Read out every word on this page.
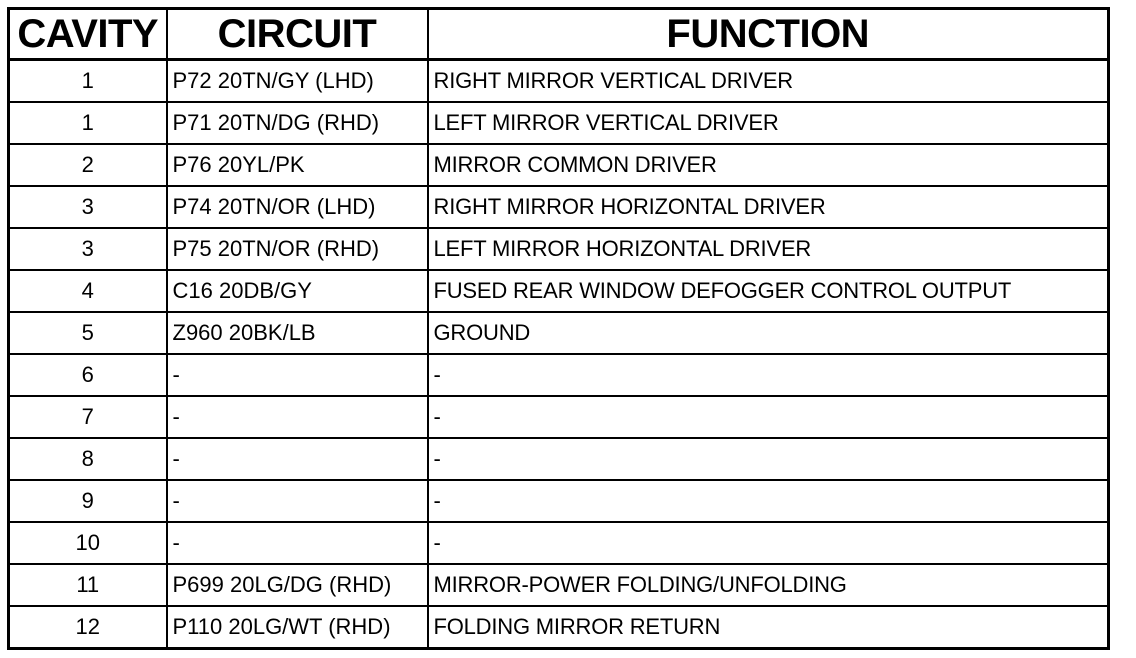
CAVITY	CIRCUIT	FUNCTION
1	P72 20TN/GY (LHD)	RIGHT MIRROR VERTICAL DRIVER
1	P71 20TN/DG (RHD)	LEFT MIRROR VERTICAL DRIVER
2	P76 20YL/PK	MIRROR COMMON DRIVER
3	P74 20TN/OR (LHD)	RIGHT MIRROR HORIZONTAL DRIVER
3	P75 20TN/OR (RHD)	LEFT MIRROR HORIZONTAL DRIVER
4	C16 20DB/GY	FUSED REAR WINDOW DEFOGGER CONTROL OUTPUT
5	Z960 20BK/LB	GROUND
6	-	-
7	-	-
8	-	-
9	-	-
10	-	-
11	P699 20LG/DG (RHD)	MIRROR-POWER FOLDING/UNFOLDING
12	P110 20LG/WT (RHD)	FOLDING MIRROR RETURN
